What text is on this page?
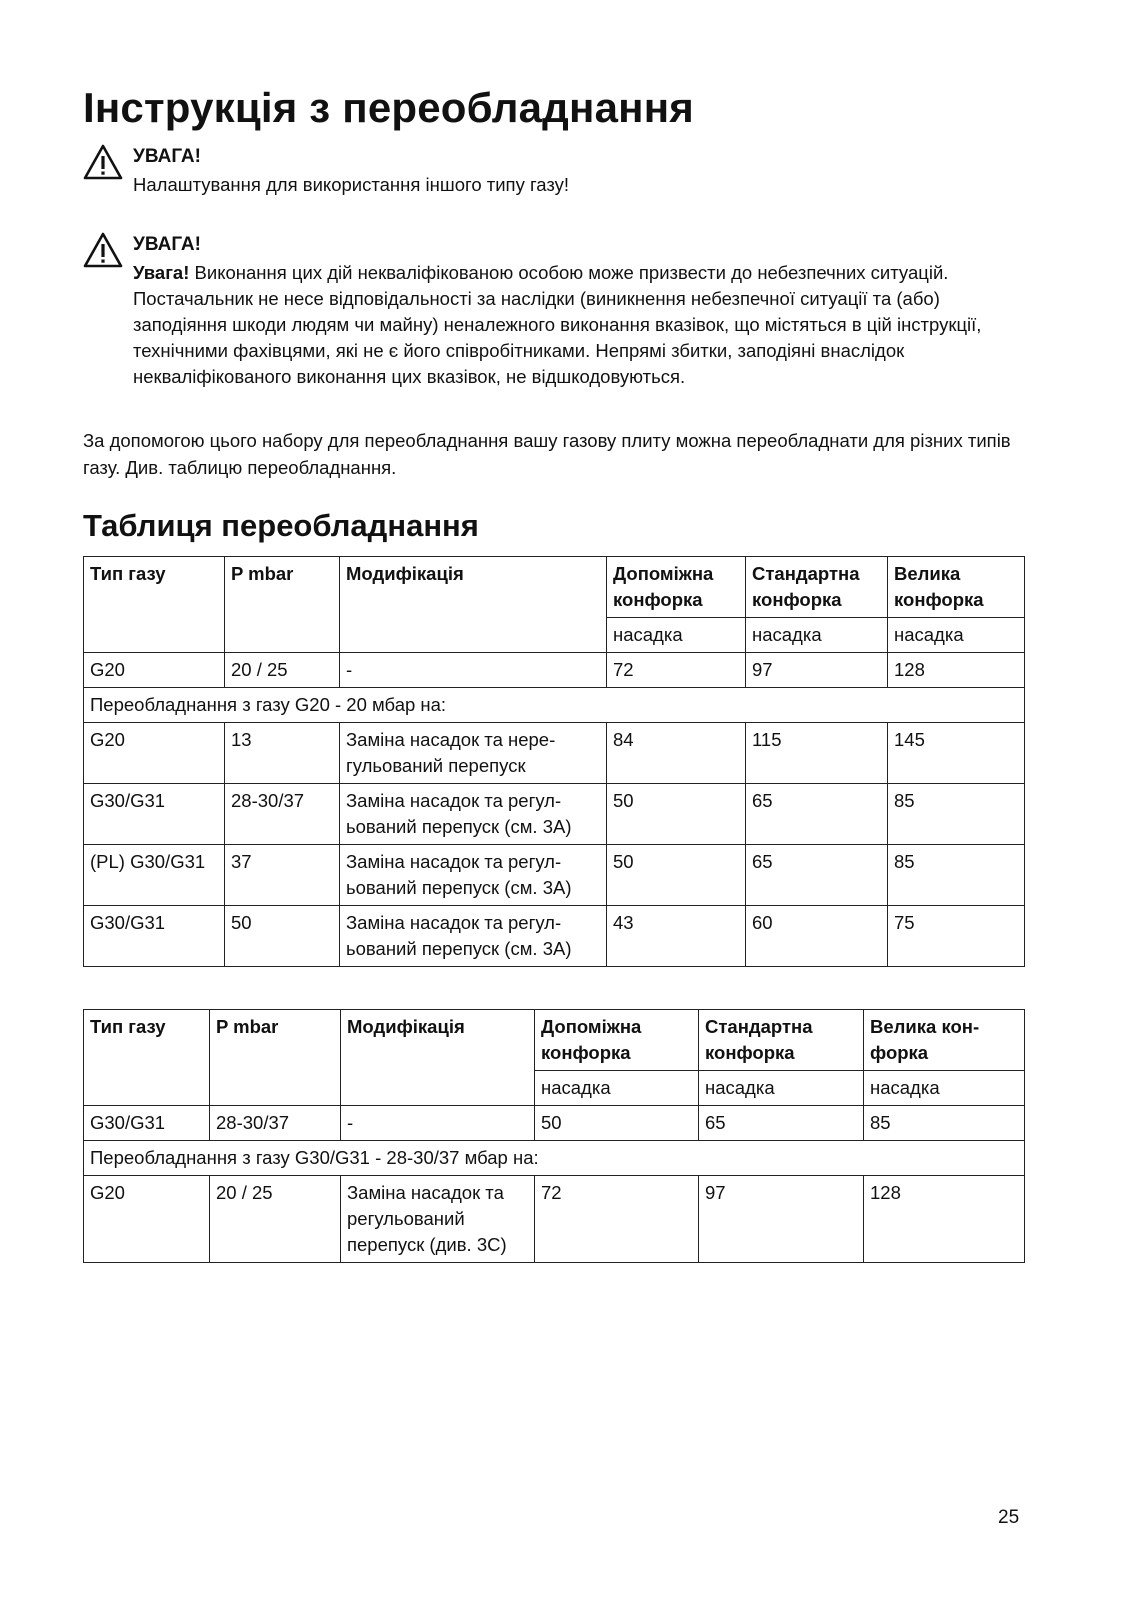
Інструкція з переобладнання
УВАГА!
Налаштування для використання іншого типу газу!
УВАГА!
Увага! Виконання цих дій некваліфікованою особою може призвести до небезпечних ситуацій. Постачальник не несе відповідальності за наслідки (виникнення небезпечної ситуації та (або) заподіяння шкоди людям чи майну) неналежного виконання вказівок, що містяться в цій інструкції, технічними фахівцями, які не є його співробітниками. Непрямі збитки, заподіяні внаслідок некваліфікованого виконання цих вказівок, не відшкодовуються.

За допомогою цього набору для переобладнання вашу газову плиту можна переобладнати для різних типів газу. Див. таблицю переобладнання.

Таблиця переобладнання
Тип газу	P mbar	Модифікація	Допоміжна конфорка	Стандартна конфорка	Велика конфорка
			насадка	насадка	насадка
G20	20 / 25	-	72	97	128
Переобладнання з газу G20 - 20 мбар на:					
G20	13	Заміна насадок та нере-гульований перепуск	84	115	145
G30/G31	28-30/37	Заміна насадок та регул-ьований перепуск (см. 3A)	50	65	85
(PL) G30/G31	37	Заміна насадок та регул-ьований перепуск (см. 3A)	50	65	85
G30/G31	50	Заміна насадок та регул-ьований перепуск (см. 3A)	43	60	75
Тип газу	P mbar	Модифікація	Допоміжна конфорка	Стандартна конфорка	Велика кон-форка
			насадка	насадка	насадка
G30/G31	28-30/37	-	50	65	85
Переобладнання з газу G30/G31 - 28-30/37 мбар на:					
G20	20 / 25	Заміна насадок та регульований перепуск (див. 3C)	72	97	128
25
